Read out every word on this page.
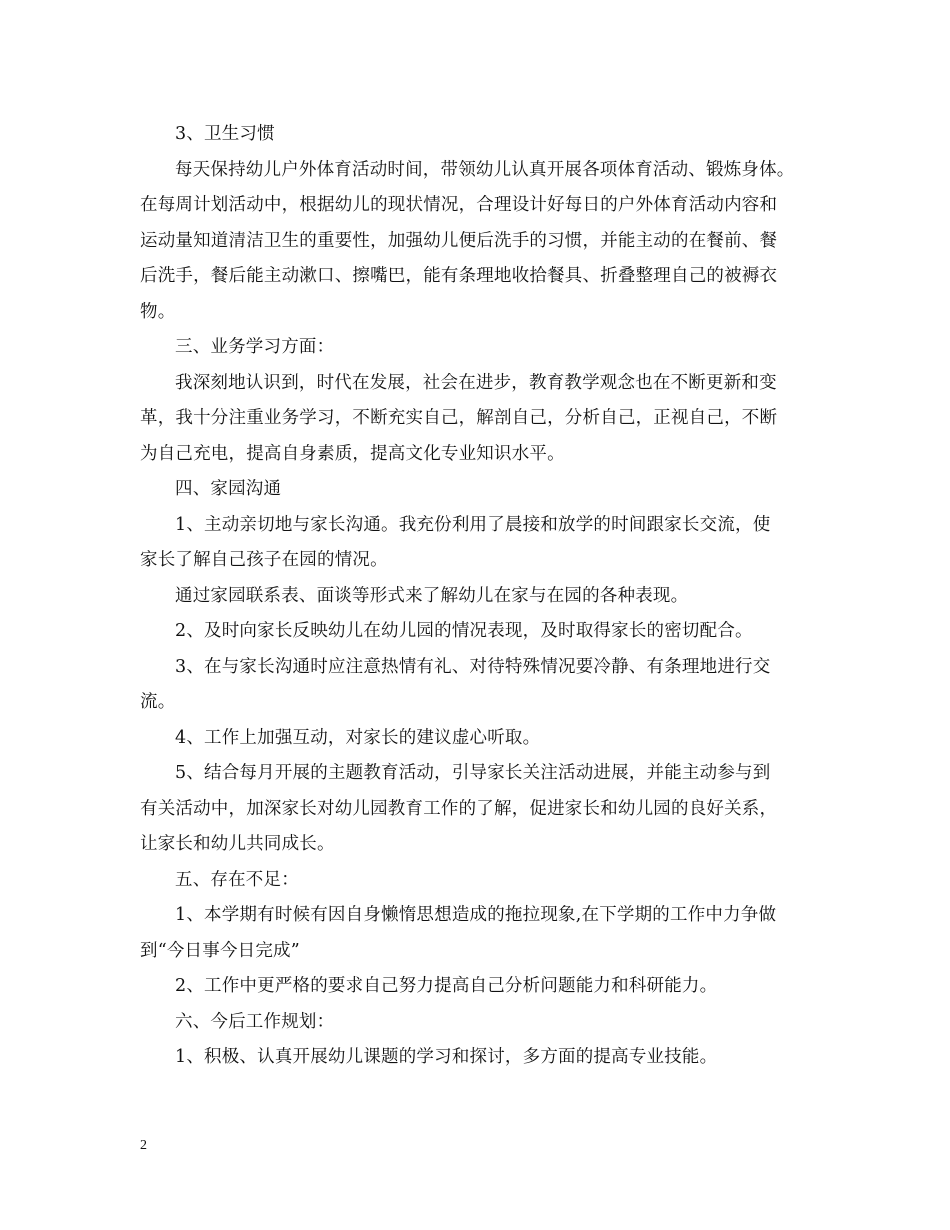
3、卫生习惯

每天保持幼儿户外体育活动时间，带领幼儿认真开展各项体育活动、锻炼身体。
在每周计划活动中，根据幼儿的现状情况，合理设计好每日的户外体育活动内容和
运动量知道清洁卫生的重要性，加强幼儿便后洗手的习惯，并能主动的在餐前、餐
后洗手，餐后能主动漱口、擦嘴巴，能有条理地收拾餐具、折叠整理自己的被褥衣
物。

三、业务学习方面：

我深刻地认识到，时代在发展，社会在进步，教育教学观念也在不断更新和变
革，我十分注重业务学习，不断充实自己，解剖自己，分析自己，正视自己，不断
为自己充电，提高自身素质，提高文化专业知识水平。

四、家园沟通

1、主动亲切地与家长沟通。我充份利用了晨接和放学的时间跟家长交流，使
家长了解自己孩子在园的情况。

通过家园联系表、面谈等形式来了解幼儿在家与在园的各种表现。

2、及时向家长反映幼儿在幼儿园的情况表现，及时取得家长的密切配合。

3、在与家长沟通时应注意热情有礼、对待特殊情况要冷静、有条理地进行交
流。

4、工作上加强互动，对家长的建议虚心听取。

5、结合每月开展的主题教育活动，引导家长关注活动进展，并能主动参与到
有关活动中，加深家长对幼儿园教育工作的了解，促进家长和幼儿园的良好关系，
让家长和幼儿共同成长。

五、存在不足：

1、本学期有时候有因自身懒惰思想造成的拖拉现象,在下学期的工作中力争做
到“今日事今日完成”

2、工作中更严格的要求自己努力提高自己分析问题能力和科研能力。

六、今后工作规划：

1、积极、认真开展幼儿课题的学习和探讨，多方面的提高专业技能。

2
